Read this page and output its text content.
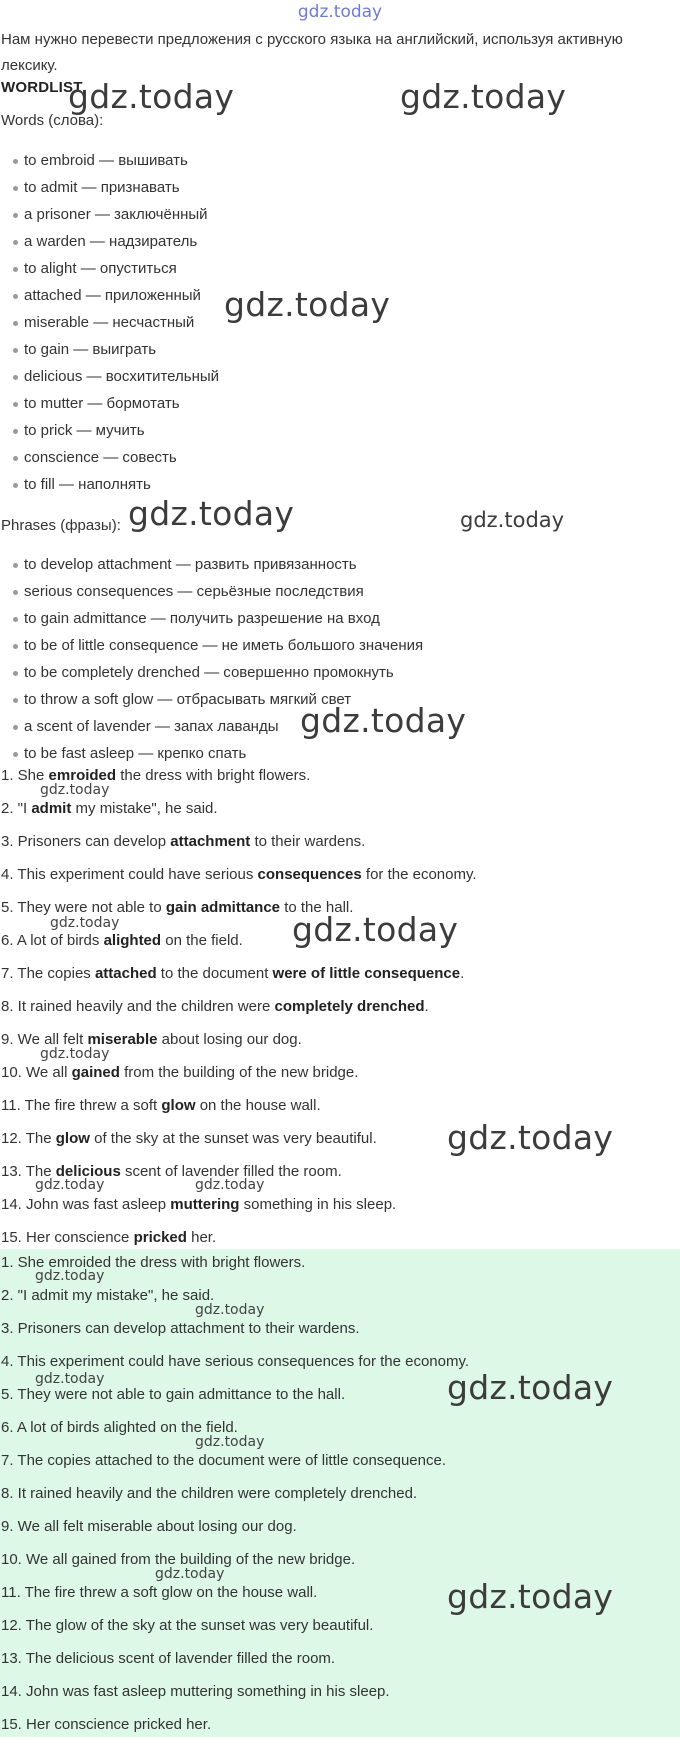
gdz.today

Нам нужно перевести предложения с русского языка на английский, используя активную лексику.

WORDLIST

Words (слова):

to embroid — вышивать
to admit — признавать
a prisoner — заключённый
a warden — надзиратель
to alight — опуститься
attached — приложенный
miserable — несчастный
to gain — выиграть
delicious — восхитительный
to mutter — бормотать
to prick — мучить
conscience — совесть
to fill — наполнять

Phrases (фразы):

to develop attachment — развить привязанность
serious consequences — серьёзные последствия
to gain admittance — получить разрешение на вход
to be of little consequence — не иметь большого значения
to be completely drenched — совершенно промокнуть
to throw a soft glow — отбрасывать мягкий свет
a scent of lavender — запах лаванды
to be fast asleep — крепко спать
1. She emroided the dress with bright flowers.
2. "I admit my mistake", he said.
3. Prisoners can develop attachment to their wardens.
4. This experiment could have serious consequences for the economy.
5. They were not able to gain admittance to the hall.
6. A lot of birds alighted on the field.
7. The copies attached to the document were of little consequence.
8. It rained heavily and the children were completely drenched.
9. We all felt miserable about losing our dog.
10. We all gained from the building of the new bridge.
11. The fire threw a soft glow on the house wall.
12. The glow of the sky at the sunset was very beautiful.
13. The delicious scent of lavender filled the room.
14. John was fast asleep muttering something in his sleep.
15. Her conscience pricked her.
1. She emroided the dress with bright flowers.
2. "I admit my mistake", he said.
3. Prisoners can develop attachment to their wardens.
4. This experiment could have serious consequences for the economy.
5. They were not able to gain admittance to the hall.
6. A lot of birds alighted on the field.
7. The copies attached to the document were of little consequence.
8. It rained heavily and the children were completely drenched.
9. We all felt miserable about losing our dog.
10. We all gained from the building of the new bridge.
11. The fire threw a soft glow on the house wall.
12. The glow of the sky at the sunset was very beautiful.
13. The delicious scent of lavender filled the room.
14. John was fast asleep muttering something in his sleep.
15. Her conscience pricked her.
gdz.today	gdz.today
gdz.today
gdz.today	gdz.today
gdz.today
gdz.today
gdz.today	gdz.today
gdz.today
gdz.today
gdz.today	gdz.today
gdz.today
gdz.today
gdz.today	gdz.today
gdz.today
gdz.today
gdz.today
